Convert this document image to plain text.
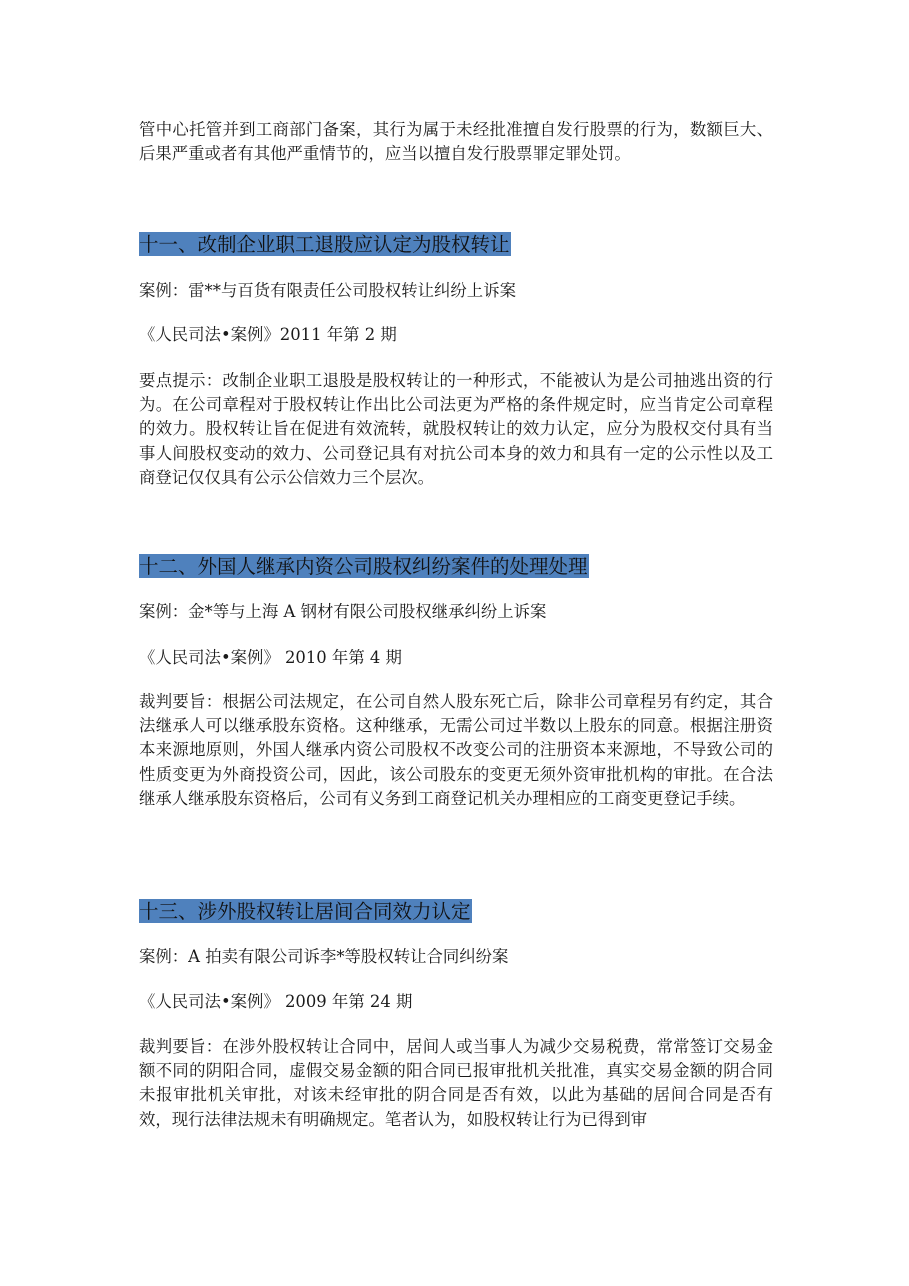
管中心托管并到工商部门备案，其行为属于未经批准擅自发行股票的行为，数额巨大、后果严重或者有其他严重情节的，应当以擅自发行股票罪定罪处罚。

十一、改制企业职工退股应认定为股权转让

案例：雷**与百货有限责任公司股权转让纠纷上诉案

《人民司法•案例》2011 年第 2 期

要点提示：改制企业职工退股是股权转让的一种形式，不能被认为是公司抽逃出资的行为。在公司章程对于股权转让作出比公司法更为严格的条件规定时，应当肯定公司章程的效力。股权转让旨在促进有效流转，就股权转让的效力认定，应分为股权交付具有当事人间股权变动的效力、公司登记具有对抗公司本身的效力和具有一定的公示性以及工商登记仅仅具有公示公信效力三个层次。

十二、外国人继承内资公司股权纠纷案件的处理处理

案例：金*等与上海 A 钢材有限公司股权继承纠纷上诉案

《人民司法•案例》 2010 年第 4 期

裁判要旨：根据公司法规定，在公司自然人股东死亡后，除非公司章程另有约定，其合法继承人可以继承股东资格。这种继承，无需公司过半数以上股东的同意。根据注册资本来源地原则，外国人继承内资公司股权不改变公司的注册资本来源地，不导致公司的性质变更为外商投资公司，因此，该公司股东的变更无须外资审批机构的审批。在合法继承人继承股东资格后，公司有义务到工商登记机关办理相应的工商变更登记手续。

十三、涉外股权转让居间合同效力认定

案例：A 拍卖有限公司诉李*等股权转让合同纠纷案

《人民司法•案例》 2009 年第 24 期

裁判要旨：在涉外股权转让合同中，居间人或当事人为减少交易税费，常常签订交易金额不同的阴阳合同，虚假交易金额的阳合同已报审批机关批准，真实交易金额的阴合同未报审批机关审批，对该未经审批的阴合同是否有效，以此为基础的居间合同是否有效，现行法律法规未有明确规定。笔者认为，如股权转让行为已得到审
